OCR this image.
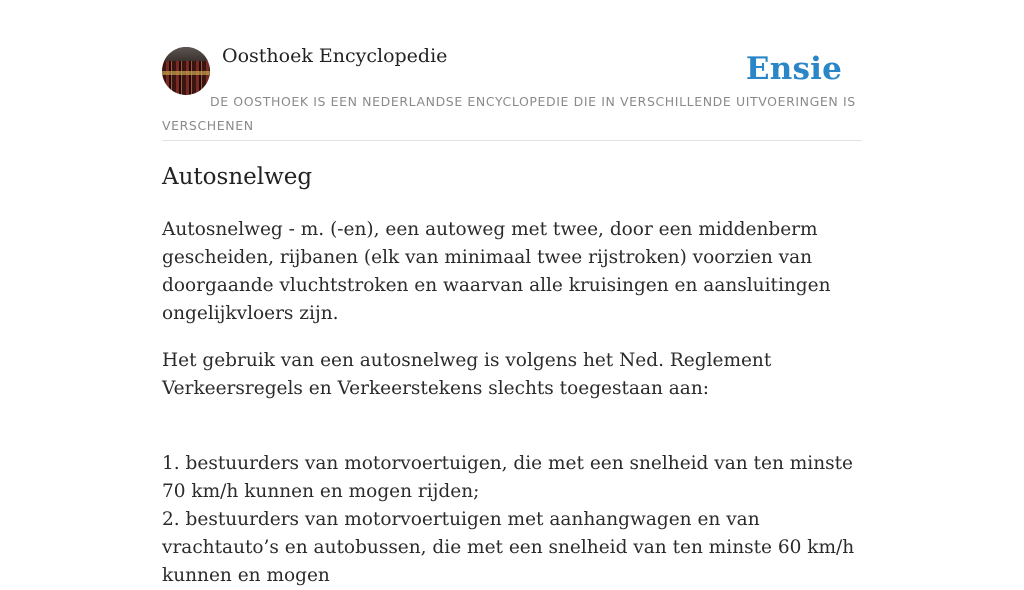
Oosthoek Encyclopedie	Ensie
DE OOSTHOEK IS EEN NEDERLANDSE ENCYCLOPEDIE DIE IN VERSCHILLENDE UITVOERINGEN IS VERSCHENEN
Autosnelweg

Autosnelweg - m. (-en), een autoweg met twee, door een middenberm gescheiden, rijbanen (elk van minimaal twee rijstroken) voorzien van doorgaande vluchtstroken en waarvan alle kruisingen en aansluitingen ongelijkvloers zijn.

Het gebruik van een autosnelweg is volgens het Ned. Reglement Verkeersregels en Verkeerstekens slechts toegestaan aan:

1. bestuurders van motorvoertuigen, die met een snelheid van ten minste 70 km/h kunnen en mogen rijden;
2. bestuurders van motorvoertuigen met aanhangwagen en van vrachtauto’s en autobussen, die met een snelheid van ten minste 60 km/h kunnen en mogen
